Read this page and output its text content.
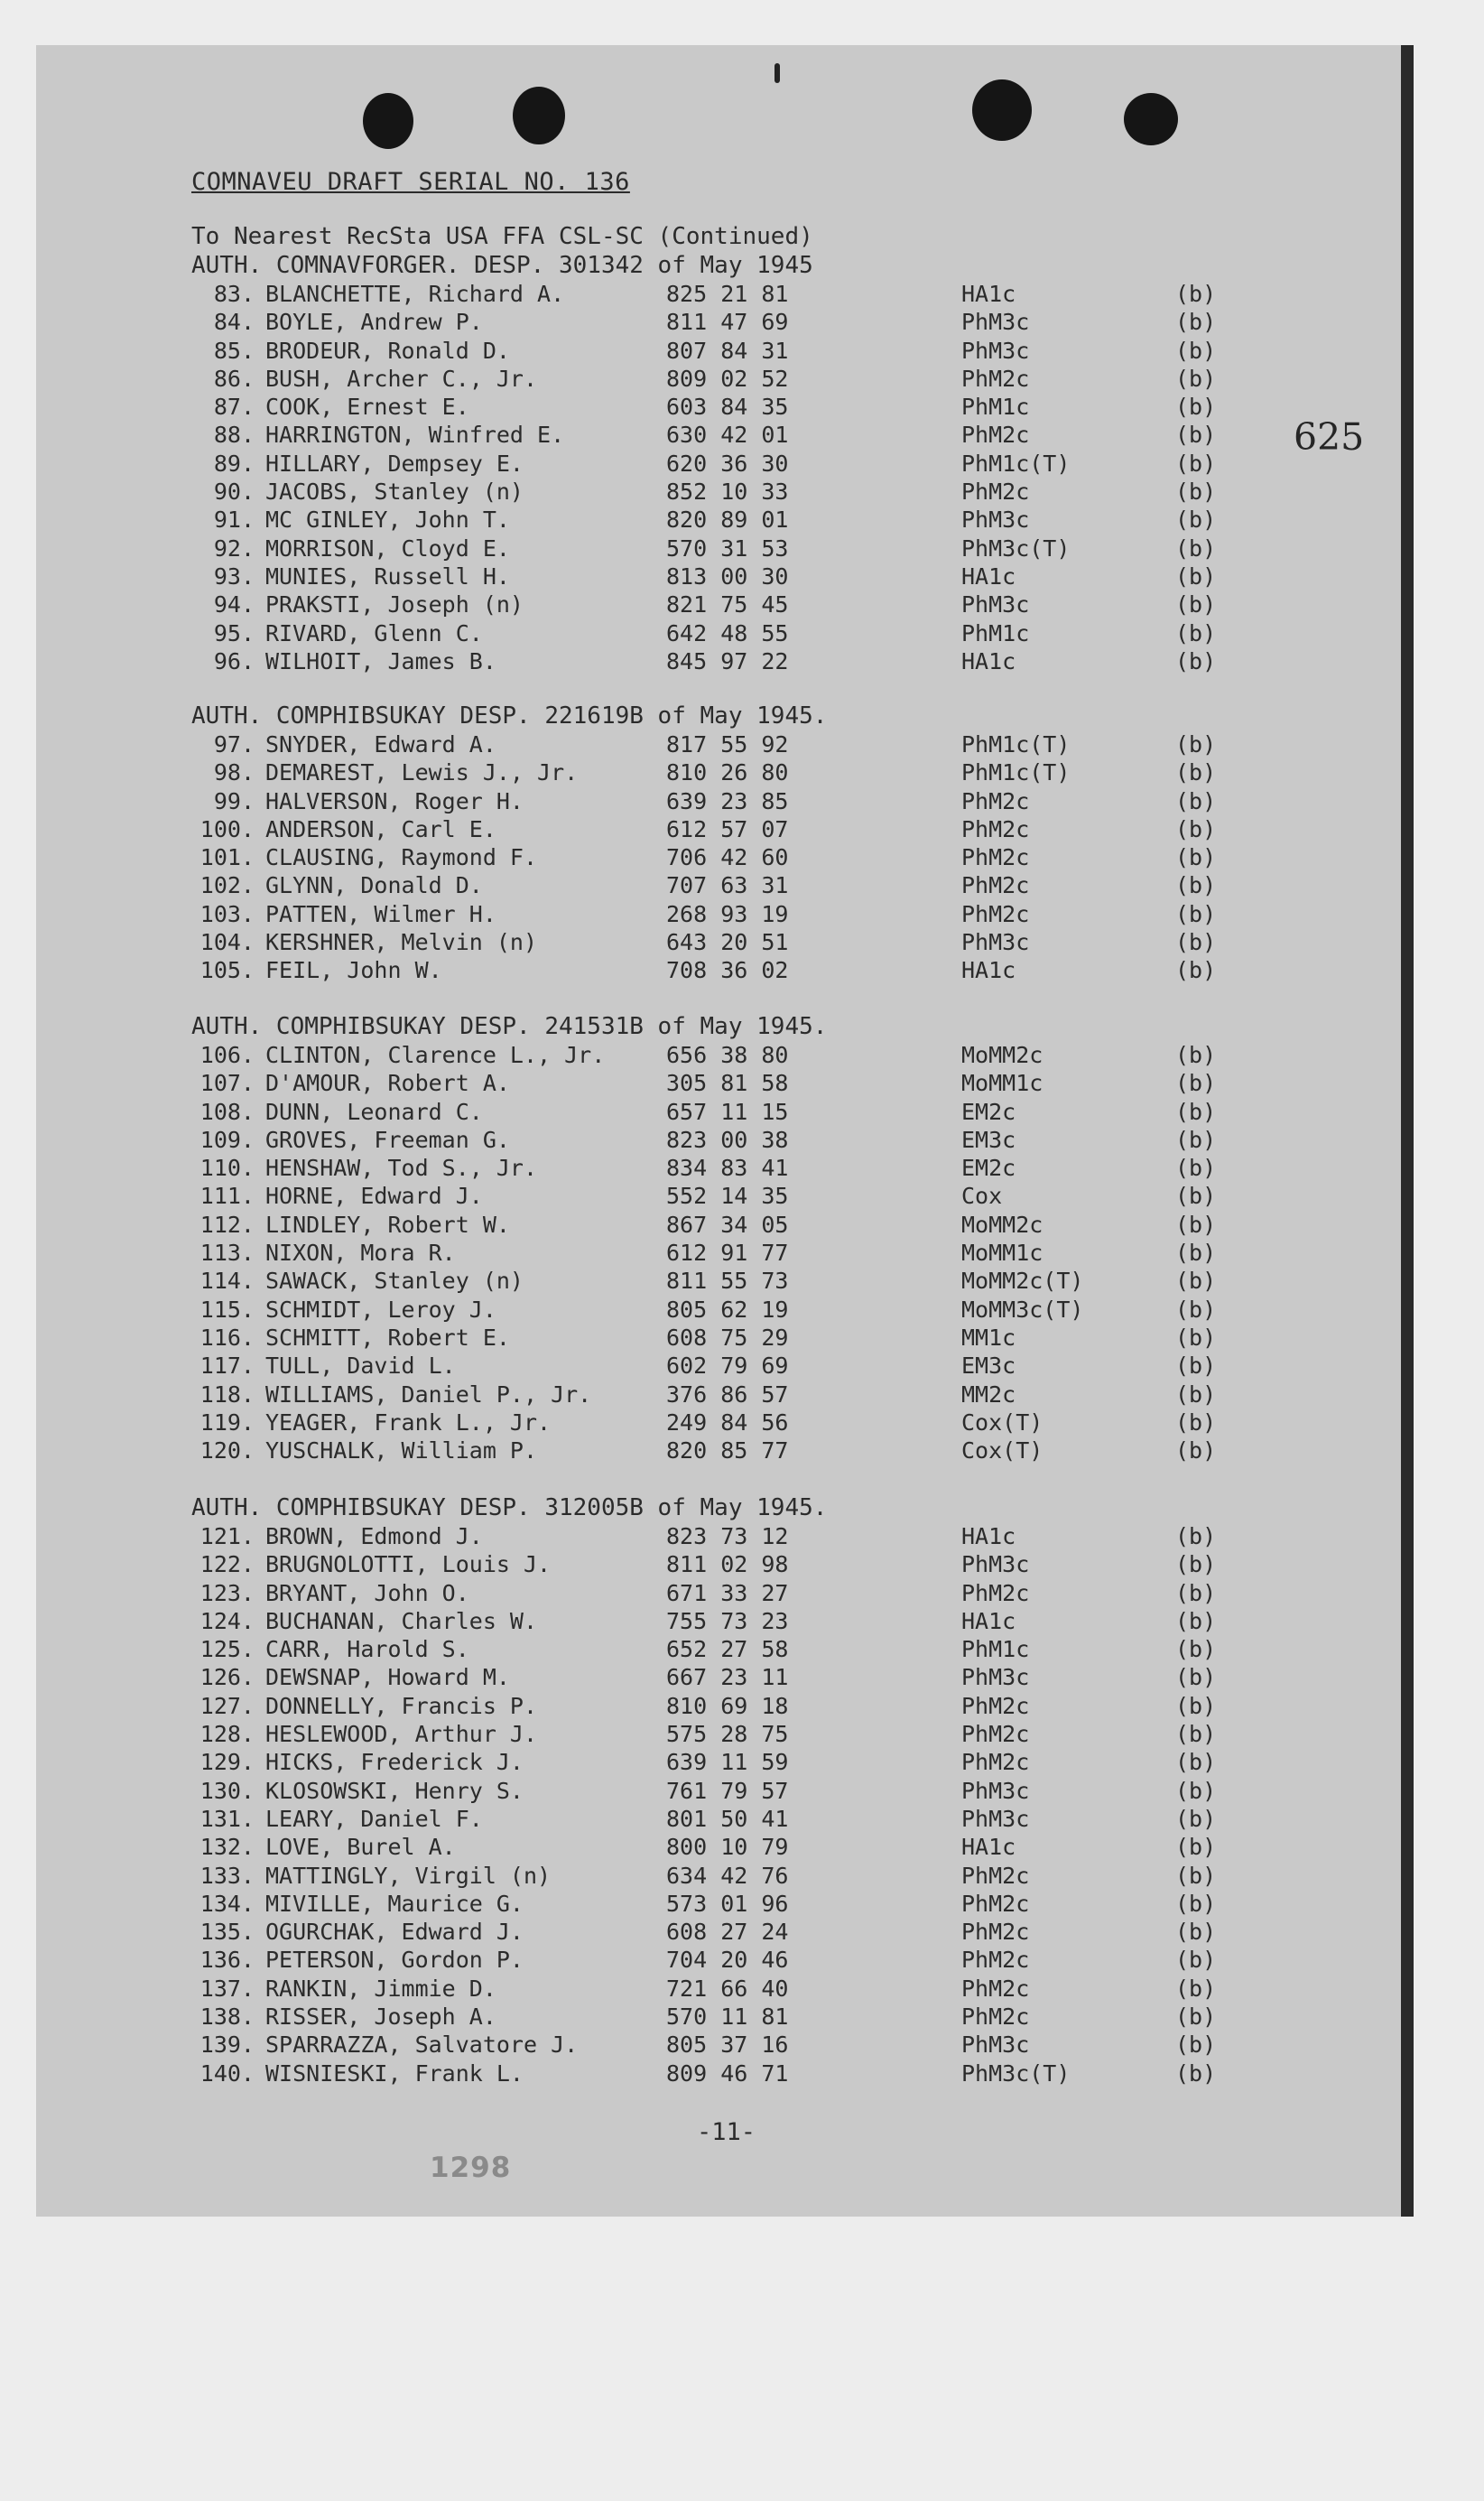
COMNAVEU DRAFT SERIAL NO. 136
625
To Nearest RecSta USA FFA CSL-SC (Continued)
AUTH. COMNAVFORGER. DESP. 301342 of May 1945
83. BLANCHETTE, Richard A.	825 21 81	HA1c	(b)
84. BOYLE, Andrew P.	811 47 69	PhM3c	(b)
85. BRODEUR, Ronald D.	807 84 31	PhM3c	(b)
86. BUSH, Archer C., Jr.	809 02 52	PhM2c	(b)
87. COOK, Ernest E.	603 84 35	PhM1c	(b)
88. HARRINGTON, Winfred E.	630 42 01	PhM2c	(b)
89. HILLARY, Dempsey E.	620 36 30	PhM1c(T)	(b)
90. JACOBS, Stanley (n)	852 10 33	PhM2c	(b)
91. MC GINLEY, John T.	820 89 01	PhM3c	(b)
92. MORRISON, Cloyd E.	570 31 53	PhM3c(T)	(b)
93. MUNIES, Russell H.	813 00 30	HA1c	(b)
94. PRAKSTI, Joseph (n)	821 75 45	PhM3c	(b)
95. RIVARD, Glenn C.	642 48 55	PhM1c	(b)
96. WILHOIT, James B.	845 97 22	HA1c	(b)
AUTH. COMPHIBSUKAY DESP. 221619B of May 1945.
97. SNYDER, Edward A.	817 55 92	PhM1c(T)	(b)
98. DEMAREST, Lewis J., Jr.	810 26 80	PhM1c(T)	(b)
99. HALVERSON, Roger H.	639 23 85	PhM2c	(b)
100. ANDERSON, Carl E.	612 57 07	PhM2c	(b)
101. CLAUSING, Raymond F.	706 42 60	PhM2c	(b)
102. GLYNN, Donald D.	707 63 31	PhM2c	(b)
103. PATTEN, Wilmer H.	268 93 19	PhM2c	(b)
104. KERSHNER, Melvin (n)	643 20 51	PhM3c	(b)
105. FEIL, John W.	708 36 02	HA1c	(b)
AUTH. COMPHIBSUKAY DESP. 241531B of May 1945.
106. CLINTON, Clarence L., Jr.	656 38 80	MoMM2c	(b)
107. D'AMOUR, Robert A.	305 81 58	MoMM1c	(b)
108. DUNN, Leonard C.	657 11 15	EM2c	(b)
109. GROVES, Freeman G.	823 00 38	EM3c	(b)
110. HENSHAW, Tod S., Jr.	834 83 41	EM2c	(b)
111. HORNE, Edward J.	552 14 35	Cox	(b)
112. LINDLEY, Robert W.	867 34 05	MoMM2c	(b)
113. NIXON, Mora R.	612 91 77	MoMM1c	(b)
114. SAWACK, Stanley (n)	811 55 73	MoMM2c(T)	(b)
115. SCHMIDT, Leroy J.	805 62 19	MoMM3c(T)	(b)
116. SCHMITT, Robert E.	608 75 29	MM1c	(b)
117. TULL, David L.	602 79 69	EM3c	(b)
118. WILLIAMS, Daniel P., Jr.	376 86 57	MM2c	(b)
119. YEAGER, Frank L., Jr.	249 84 56	Cox(T)	(b)
120. YUSCHALK, William P.	820 85 77	Cox(T)	(b)
AUTH. COMPHIBSUKAY DESP. 312005B of May 1945.
121. BROWN, Edmond J.	823 73 12	HA1c	(b)
122. BRUGNOLOTTI, Louis J.	811 02 98	PhM3c	(b)
123. BRYANT, John O.	671 33 27	PhM2c	(b)
124. BUCHANAN, Charles W.	755 73 23	HA1c	(b)
125. CARR, Harold S.	652 27 58	PhM1c	(b)
126. DEWSNAP, Howard M.	667 23 11	PhM3c	(b)
127. DONNELLY, Francis P.	810 69 18	PhM2c	(b)
128. HESLEWOOD, Arthur J.	575 28 75	PhM2c	(b)
129. HICKS, Frederick J.	639 11 59	PhM2c	(b)
130. KLOSOWSKI, Henry S.	761 79 57	PhM3c	(b)
131. LEARY, Daniel F.	801 50 41	PhM3c	(b)
132. LOVE, Burel A.	800 10 79	HA1c	(b)
133. MATTINGLY, Virgil (n)	634 42 76	PhM2c	(b)
134. MIVILLE, Maurice G.	573 01 96	PhM2c	(b)
135. OGURCHAK, Edward J.	608 27 24	PhM2c	(b)
136. PETERSON, Gordon P.	704 20 46	PhM2c	(b)
137. RANKIN, Jimmie D.	721 66 40	PhM2c	(b)
138. RISSER, Joseph A.	570 11 81	PhM2c	(b)
139. SPARRAZZA, Salvatore J.	805 37 16	PhM3c	(b)
140. WISNIESKI, Frank L.	809 46 71	PhM3c(T)	(b)
-11-
1298
